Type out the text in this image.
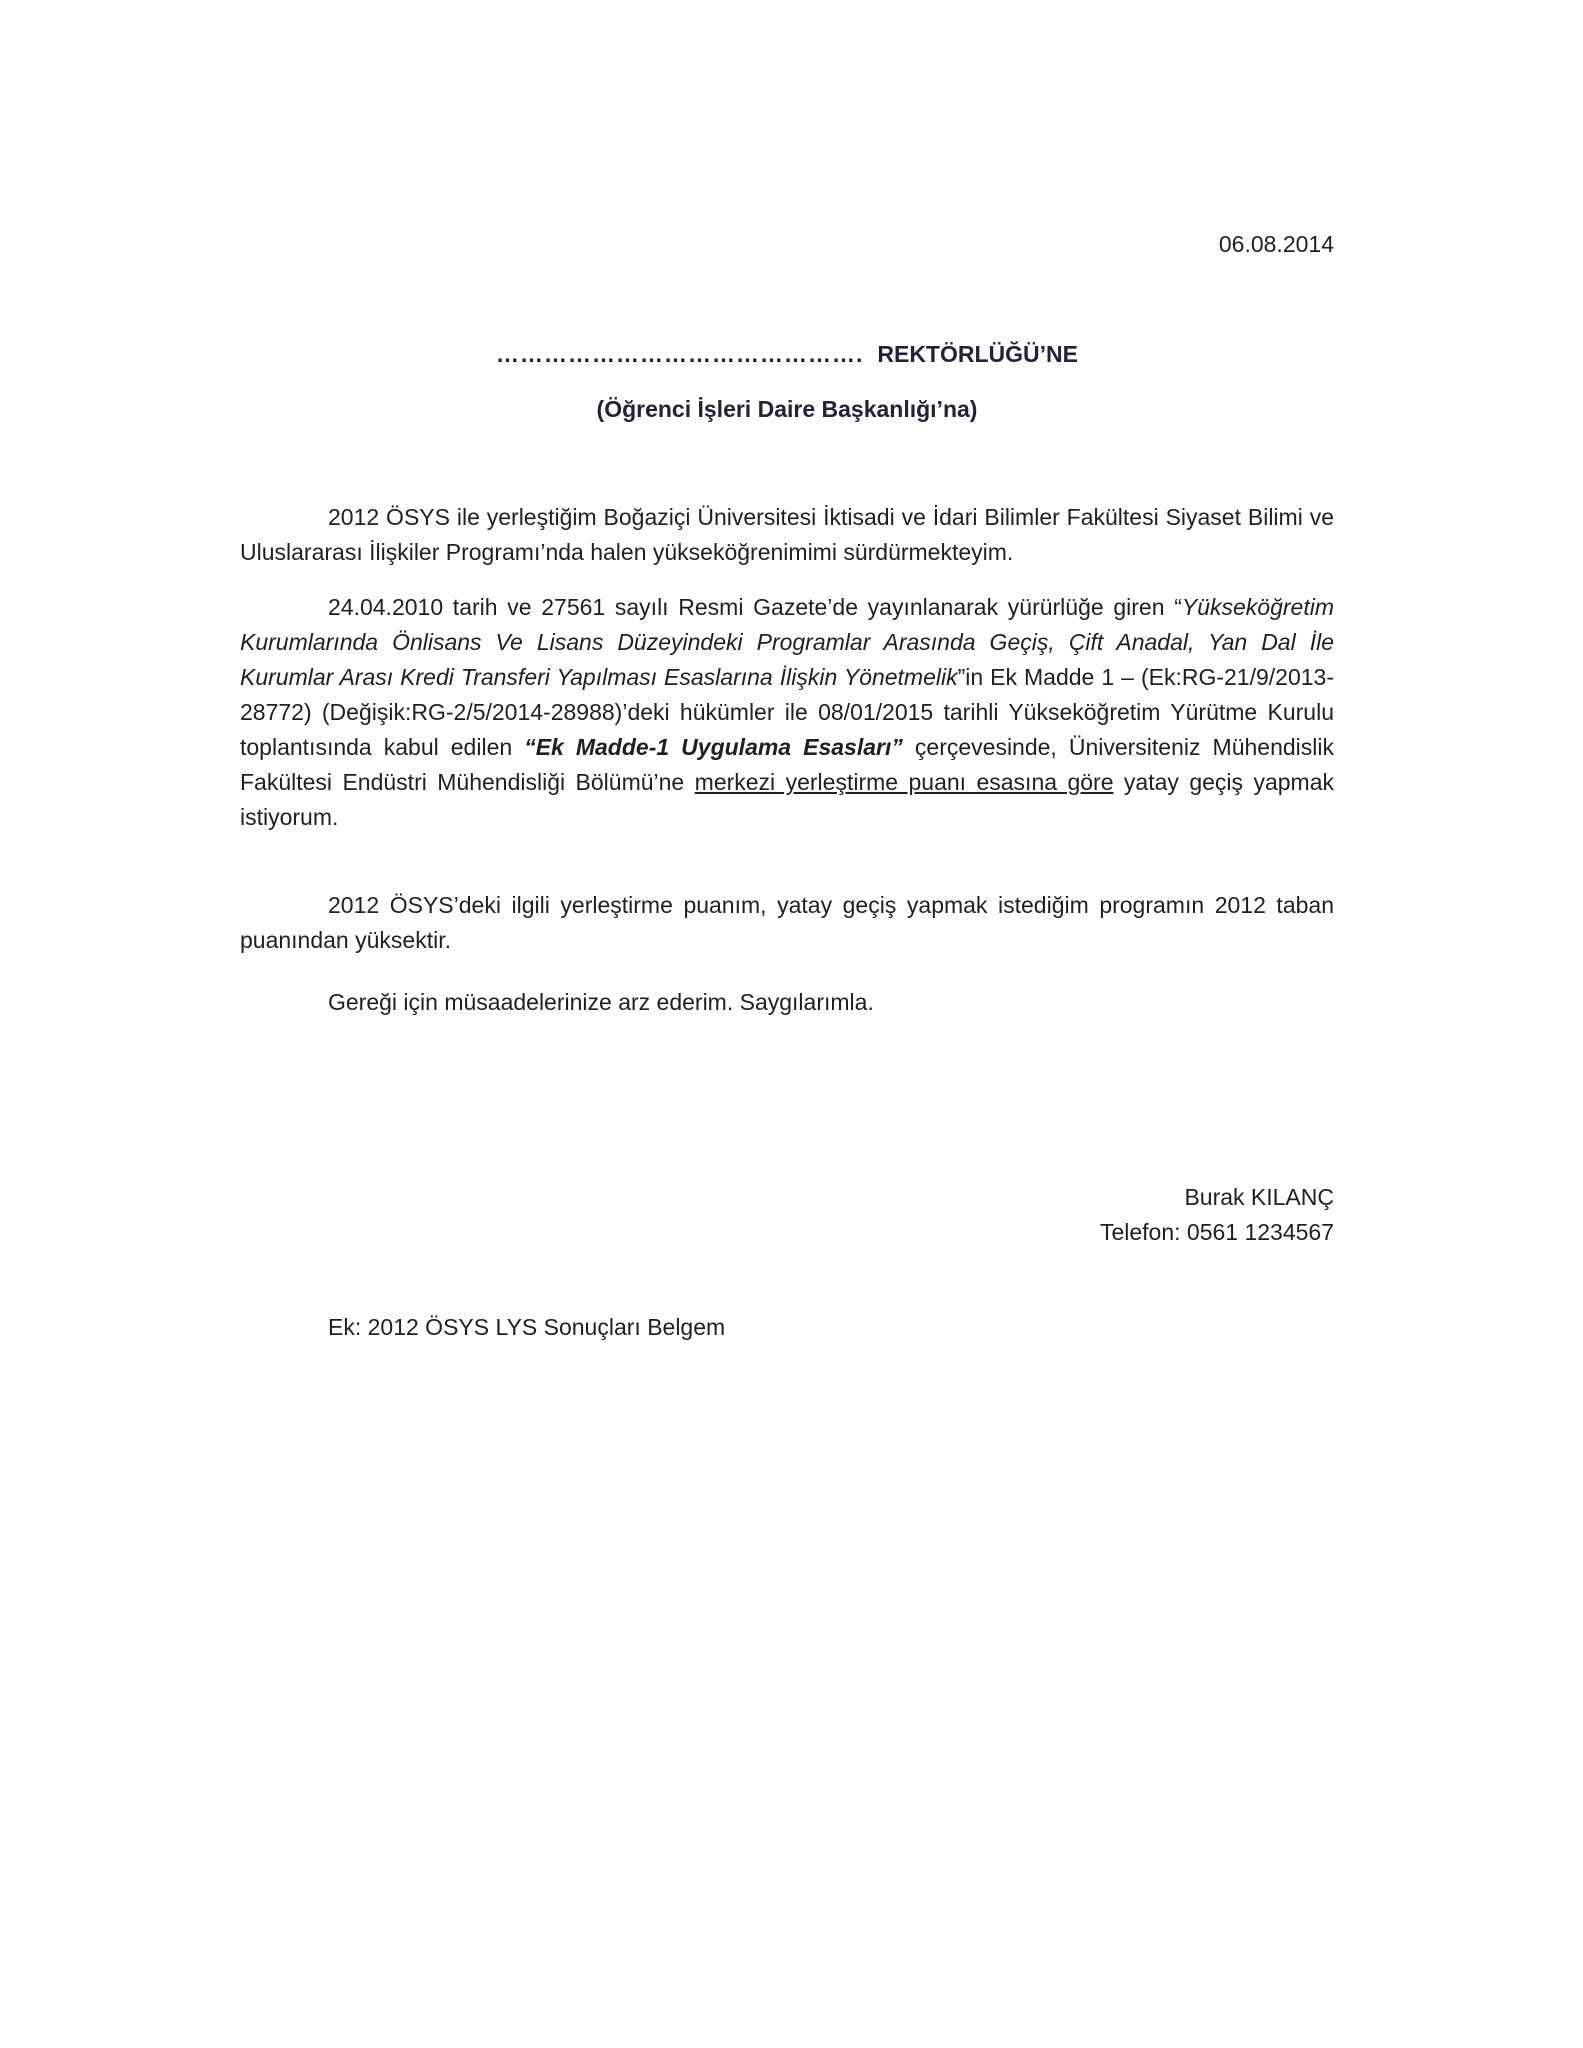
06.08.2014
………………………………………. REKTÖRLÜĞÜ’NE
(Öğrenci İşleri Daire Başkanlığı’na)

2012 ÖSYS ile yerleştiğim Boğaziçi Üniversitesi İktisadi ve İdari Bilimler Fakültesi Siyaset Bilimi ve Uluslararası İlişkiler Programı’nda halen yükseköğrenimimi sürdürmekteyim.

24.04.2010 tarih ve 27561 sayılı Resmi Gazete’de yayınlanarak yürürlüğe giren “Yükseköğretim Kurumlarında Önlisans Ve Lisans Düzeyindeki Programlar Arasında Geçiş, Çift Anadal, Yan Dal İle Kurumlar Arası Kredi Transferi Yapılması Esaslarına İlişkin Yönetmelik”in Ek Madde 1 – (Ek:RG-21/9/2013-28772) (Değişik:RG-2/5/2014-28988)’deki hükümler ile 08/01/2015 tarihli Yükseköğretim Yürütme Kurulu toplantısında kabul edilen “Ek Madde-1 Uygulama Esasları” çerçevesinde, Üniversiteniz Mühendislik Fakültesi Endüstri Mühendisliği Bölümü’ne merkezi yerleştirme puanı esasına göre yatay geçiş yapmak istiyorum.

2012 ÖSYS’deki ilgili yerleştirme puanım, yatay geçiş yapmak istediğim programın 2012 taban puanından yüksektir.

Gereği için müsaadelerinize arz ederim. Saygılarımla.

Burak KILANÇ
Telefon: 0561 1234567
Ek: 2012 ÖSYS LYS Sonuçları Belgem
